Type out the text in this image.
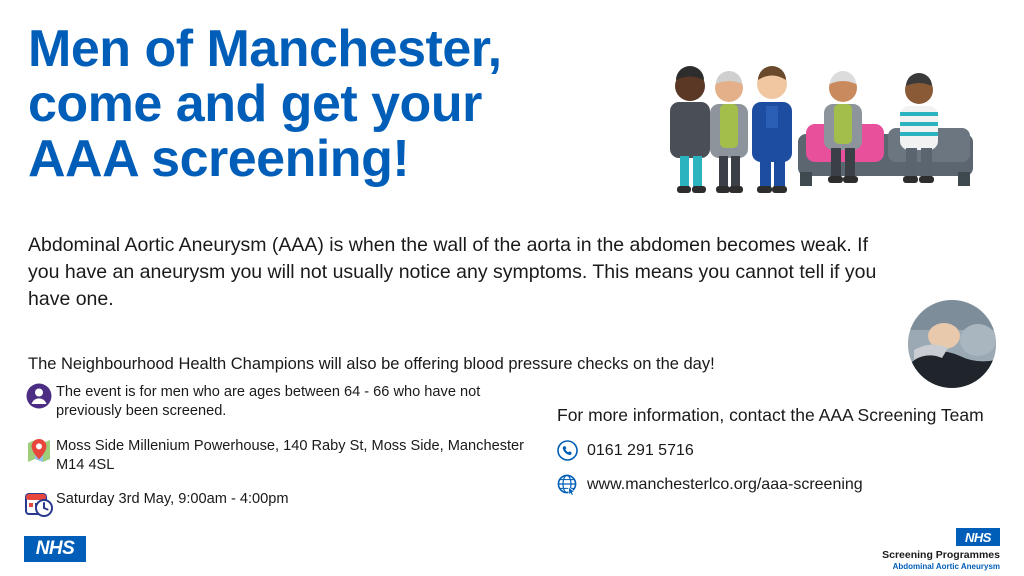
Men of Manchester,
come and get your
AAA screening!

Abdominal Aortic Aneurysm (AAA) is when the wall of the aorta in the abdomen becomes weak. If you have an aneurysm you will not usually notice any symptoms. This means you cannot tell if you have one.

The Neighbourhood Health Champions will also be offering blood pressure checks on the day!

The event is for men who are ages between 64 - 66 who have not previously been screened.
Moss Side Millenium Powerhouse, 140 Raby St, Moss Side, Manchester M14 4SL
Saturday 3rd May, 9:00am - 4:00pm
For more information, contact the AAA Screening Team
0161 291 5716
www.manchesterlco.org/aaa-screening
NHS
NHS
Screening Programmes
Abdominal Aortic Aneurysm
